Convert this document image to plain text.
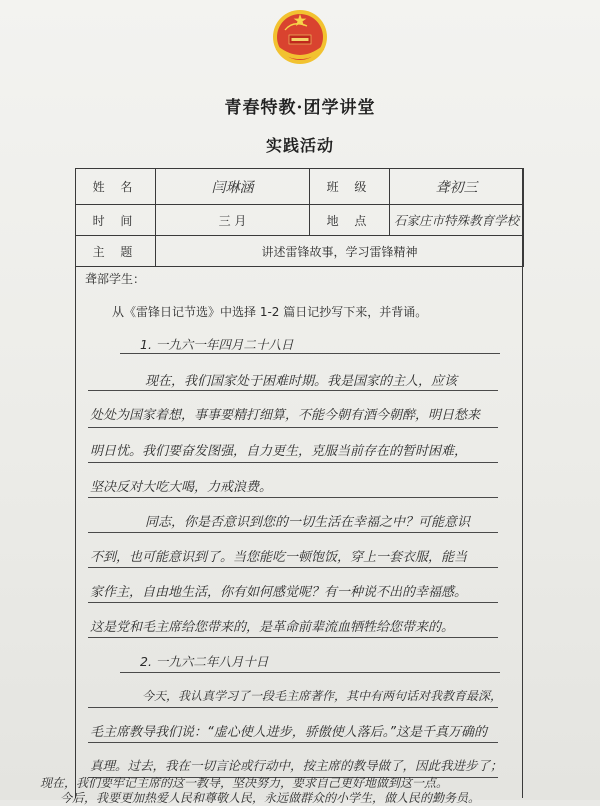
青春特教·团学讲堂
实践活动
姓 名	闫琳涵	班 级	聋初三
时 间	三 月	地 点	石家庄市特殊教育学校
主 题	讲述雷锋故事，学习雷锋精神		
聋部学生：
从《雷锋日记节选》中选择 1-2 篇日记抄写下来，并背诵。
1. 一九六一年四月二十八日
现在，我们国家处于困难时期。我是国家的主人，应该
处处为国家着想，事事要精打细算，不能今朝有酒今朝醉，明日愁来
明日忧。我们要奋发图强，自力更生，克服当前存在的暂时困难，
坚决反对大吃大喝，力戒浪费。
同志，你是否意识到您的一切生活在幸福之中？可能意识
不到，也可能意识到了。当您能吃一顿饱饭，穿上一套衣服，能当
家作主，自由地生活，你有如何感觉呢？有一种说不出的幸福感。
这是党和毛主席给您带来的，是革命前辈流血牺牲给您带来的。
2. 一九六二年八月十日
今天，我认真学习了一段毛主席著作，其中有两句话对我教育最深，
毛主席教导我们说：“虚心使人进步，骄傲使人落后。”这是千真万确的
真理。过去，我在一切言论或行动中，按主席的教导做了，因此我进步了；
现在，我们要牢记主席的这一教导，坚决努力，要求自己更好地做到这一点。
今后，我要更加热爱人民和尊敬人民，永远做群众的小学生，做人民的勤务员。
